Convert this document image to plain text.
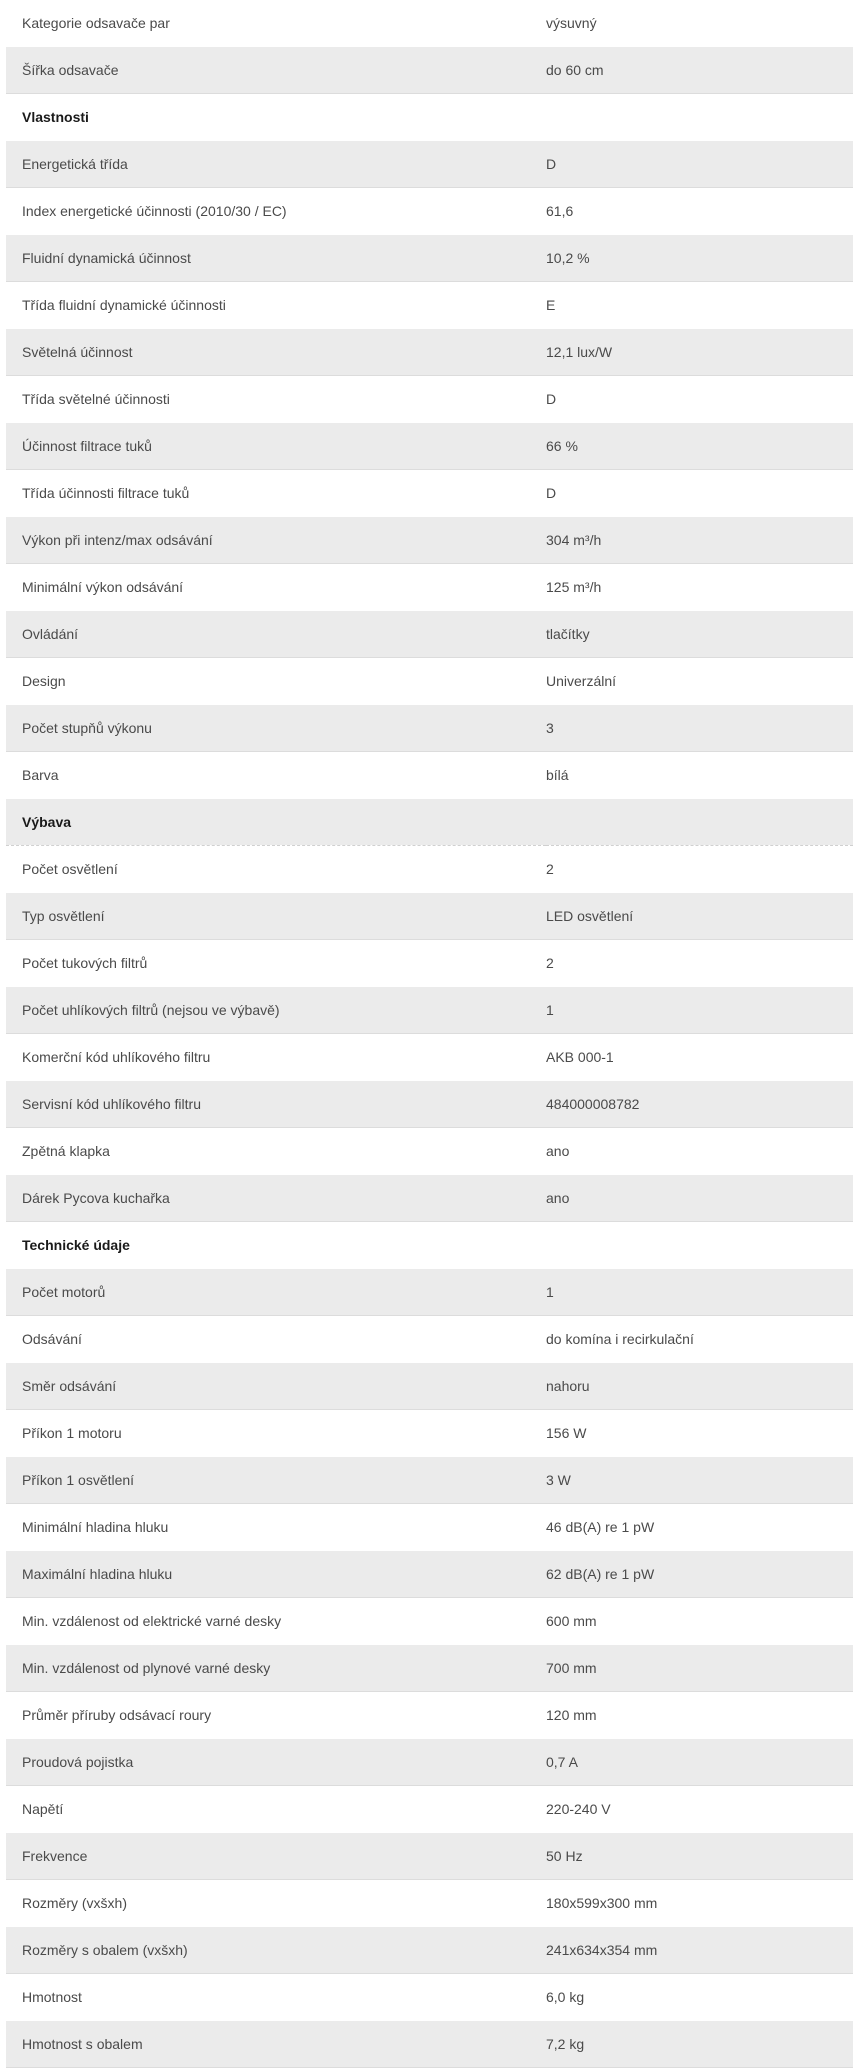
Kategorie odsavače par	výsuvný
Šířka odsavače	do 60 cm
Vlastnosti	
Energetická třída	D
Index energetické účinnosti (2010/30 / EC)	61,6
Fluidní dynamická účinnost	10,2 %
Třída fluidní dynamické účinnosti	E
Světelná účinnost	12,1 lux/W
Třída světelné účinnosti	D
Účinnost filtrace tuků	66 %
Třída účinnosti filtrace tuků	D
Výkon při intenz/max odsávání	304 m³/h
Minimální výkon odsávání	125 m³/h
Ovládání	tlačítky
Design	Univerzální
Počet stupňů výkonu	3
Barva	bílá
Výbava	
Počet osvětlení	2
Typ osvětlení	LED osvětlení
Počet tukových filtrů	2
Počet uhlíkových filtrů (nejsou ve výbavě)	1
Komerční kód uhlíkového filtru	AKB 000-1
Servisní kód uhlíkového filtru	484000008782
Zpětná klapka	ano
Dárek Pycova kuchařka	ano
Technické údaje	
Počet motorů	1
Odsávání	do komína i recirkulační
Směr odsávání	nahoru
Příkon 1 motoru	156 W
Příkon 1 osvětlení	3 W
Minimální hladina hluku	46 dB(A) re 1 pW
Maximální hladina hluku	62 dB(A) re 1 pW
Min. vzdálenost od elektrické varné desky	600 mm
Min. vzdálenost od plynové varné desky	700 mm
Průměr příruby odsávací roury	120 mm
Proudová pojistka	0,7 A
Napětí	220-240 V
Frekvence	50 Hz
Rozměry (vxšxh)	180x599x300 mm
Rozměry s obalem (vxšxh)	241x634x354 mm
Hmotnost	6,0 kg
Hmotnost s obalem	7,2 kg
